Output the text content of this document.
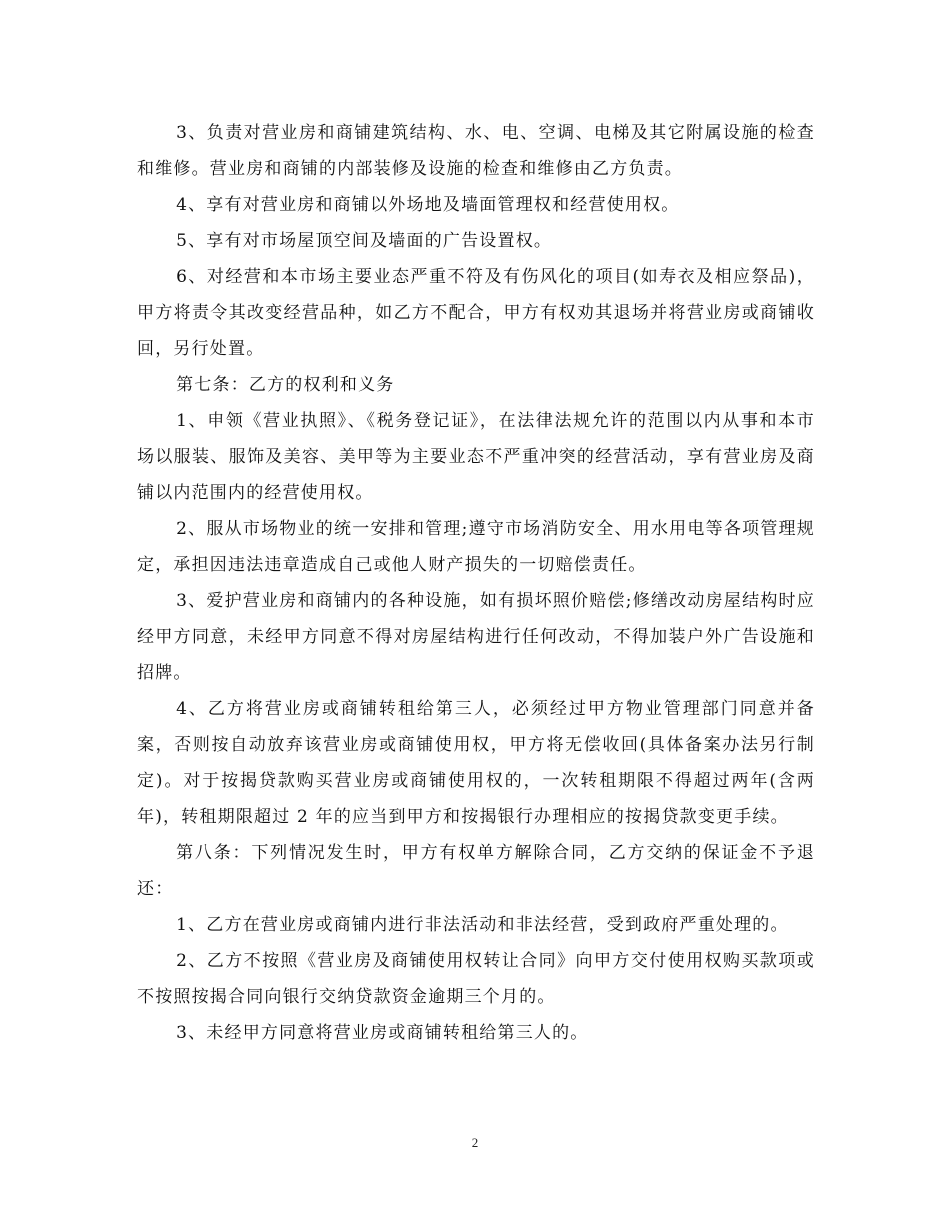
3、负责对营业房和商铺建筑结构、水、电、空调、电梯及其它附属设施的检查和维修。营业房和商铺的内部装修及设施的检查和维修由乙方负责。

4、享有对营业房和商铺以外场地及墙面管理权和经营使用权。

5、享有对市场屋顶空间及墙面的广告设置权。

6、对经营和本市场主要业态严重不符及有伤风化的项目(如寿衣及相应祭品)， 甲方将责令其改变经营品种，如乙方不配合，甲方有权劝其退场并将营业房或商铺收回，另行处置。

第七条：乙方的权利和义务

1、申领《营业执照》、《税务登记证》，在法律法规允许的范围以内从事和本市场以服装、服饰及美容、美甲等为主要业态不严重冲突的经营活动，享有营业房及商铺以内范围内的经营使用权。

2、服从市场物业的统一安排和管理;遵守市场消防安全、用水用电等各项管理规定，承担因违法违章造成自己或他人财产损失的一切赔偿责任。

3、爱护营业房和商铺内的各种设施，如有损坏照价赔偿;修缮改动房屋结构时应经甲方同意，未经甲方同意不得对房屋结构进行任何改动，不得加装户外广告设施和招牌。

4、乙方将营业房或商铺转租给第三人，必须经过甲方物业管理部门同意并备案，否则按自动放弃该营业房或商铺使用权，甲方将无偿收回(具体备案办法另行制定)。对于按揭贷款购买营业房或商铺使用权的，一次转租期限不得超过两年(含两年)，转租期限超过 2 年的应当到甲方和按揭银行办理相应的按揭贷款变更手续。

第八条：下列情况发生时，甲方有权单方解除合同，乙方交纳的保证金不予退还：

1、乙方在营业房或商铺内进行非法活动和非法经营，受到政府严重处理的。

2、乙方不按照《营业房及商铺使用权转让合同》向甲方交付使用权购买款项或不按照按揭合同向银行交纳贷款资金逾期三个月的。

3、未经甲方同意将营业房或商铺转租给第三人的。

2
